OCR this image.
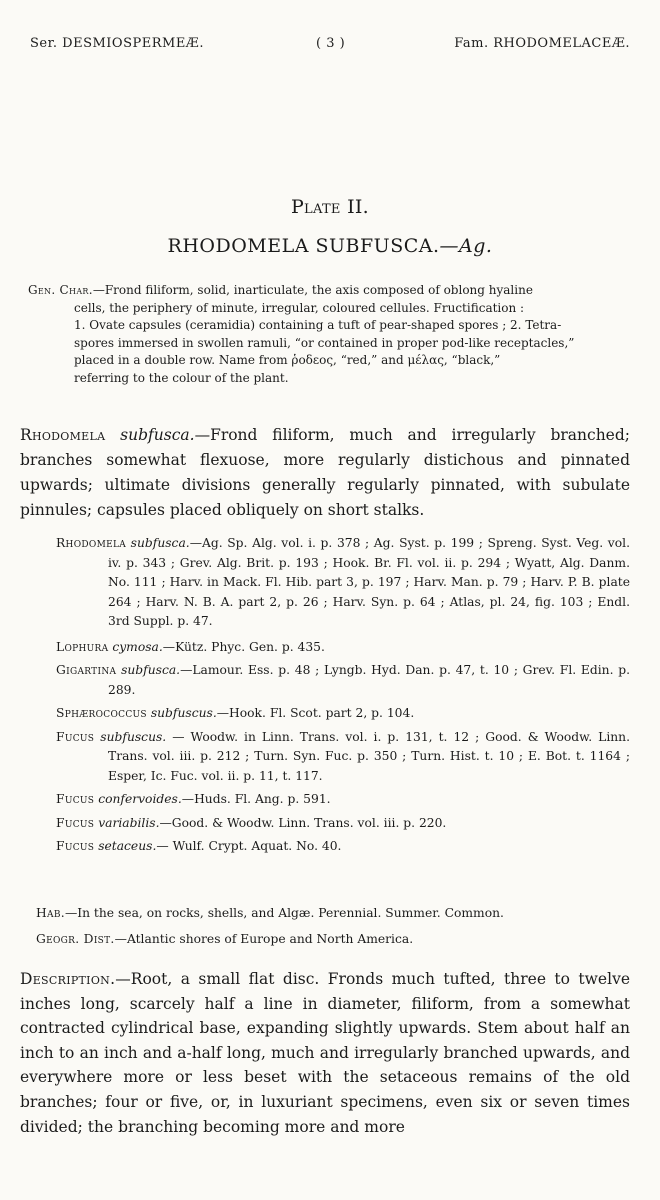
Ser. DESMIOSPERMEÆ.	( 3 )	Fam. RHODOMELACEÆ.
Plate II.
RHODOMELA SUBFUSCA.—Ag.
Gen. Char.—Frond filiform, solid, inarticulate, the axis composed of oblong hyaline
cells, the periphery of minute, irregular, coloured cellules. Fructification :
1. Ovate capsules (ceramidia) containing a tuft of pear-shaped spores ; 2. Tetra-
spores immersed in swollen ramuli, “or contained in proper pod-like receptacles,”
placed in a double row. Name from ῥοδεος, “red,” and μέλας, “black,”
referring to the colour of the plant.
Rhodomela subfusca.—Frond filiform, much and irregularly branched; branches somewhat flexuose, more regularly distichous and pinnated upwards; ultimate divisions generally regularly pinnated, with subulate pinnules; capsules placed obliquely on short stalks.
Rhodomela subfusca.—Ag. Sp. Alg. vol. i. p. 378 ; Ag. Syst. p. 199 ; Spreng. Syst. Veg. vol. iv. p. 343 ; Grev. Alg. Brit. p. 193 ; Hook. Br. Fl. vol. ii. p. 294 ; Wyatt, Alg. Danm. No. 111 ; Harv. in Mack. Fl. Hib. part 3, p. 197 ; Harv. Man. p. 79 ; Harv. P. B. plate 264 ; Harv. N. B. A. part 2, p. 26 ; Harv. Syn. p. 64 ; Atlas, pl. 24, fig. 103 ; Endl. 3rd Suppl. p. 47.
Lophura cymosa.—Kütz. Phyc. Gen. p. 435.
Gigartina subfusca.—Lamour. Ess. p. 48 ; Lyngb. Hyd. Dan. p. 47, t. 10 ; Grev. Fl. Edin. p. 289.
Sphærococcus subfuscus.—Hook. Fl. Scot. part 2, p. 104.
Fucus subfuscus. — Woodw. in Linn. Trans. vol. i. p. 131, t. 12 ; Good. & Woodw. Linn. Trans. vol. iii. p. 212 ; Turn. Syn. Fuc. p. 350 ; Turn. Hist. t. 10 ; E. Bot. t. 1164 ; Esper, Ic. Fuc. vol. ii. p. 11, t. 117.
Fucus confervoides.—Huds. Fl. Ang. p. 591.
Fucus variabilis.—Good. & Woodw. Linn. Trans. vol. iii. p. 220.
Fucus setaceus.— Wulf. Crypt. Aquat. No. 40.
Hab.—In the sea, on rocks, shells, and Algæ. Perennial. Summer. Common.
Geogr. Dist.—Atlantic shores of Europe and North America.
Description.—Root, a small flat disc. Fronds much tufted, three to twelve inches long, scarcely half a line in diameter, filiform, from a somewhat contracted cylindrical base, expanding slightly upwards. Stem about half an inch to an inch and a-half long, much and irregularly branched upwards, and everywhere more or less beset with the setaceous remains of the old branches; four or five, or, in luxuriant specimens, even six or seven times divided; the branching becoming more and more
